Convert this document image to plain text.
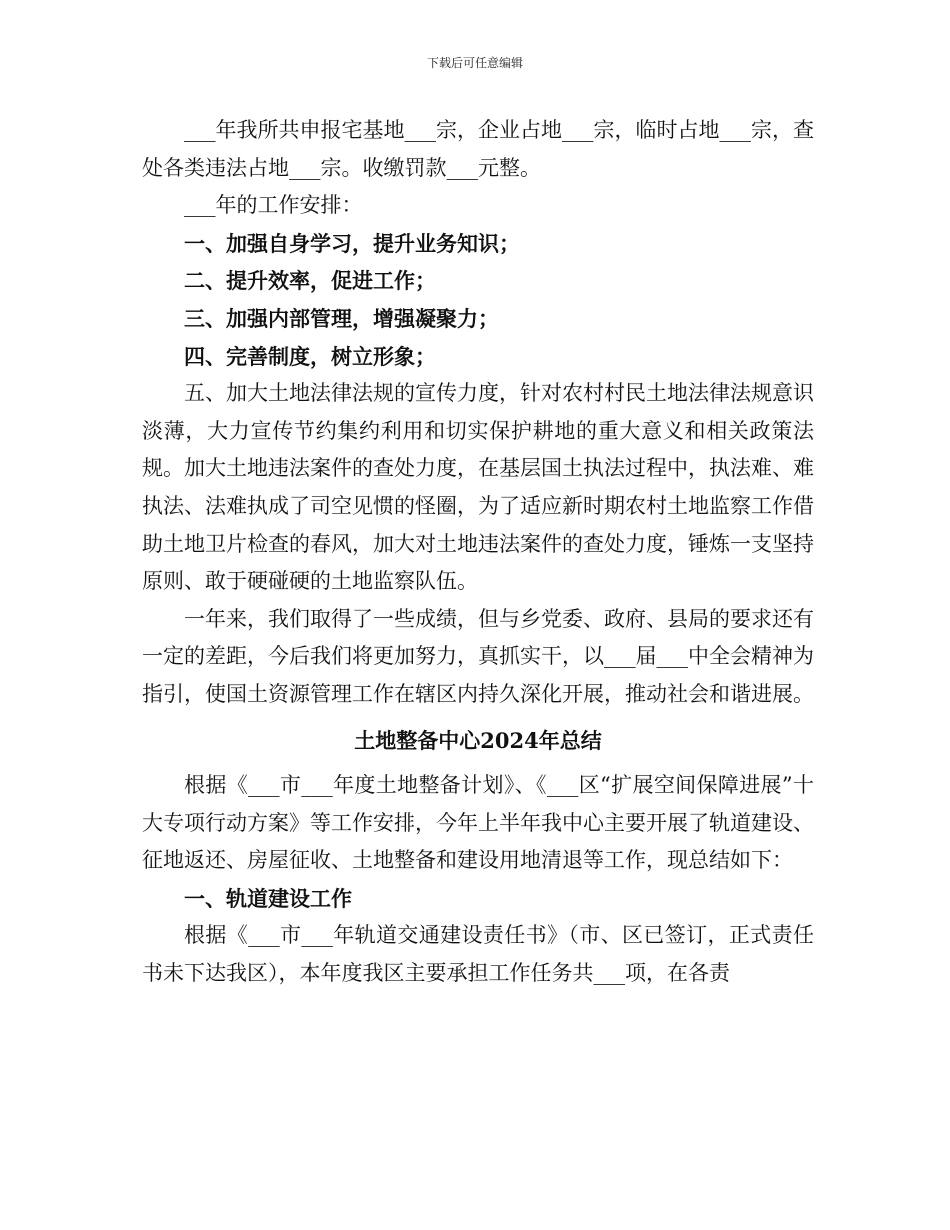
下载后可任意编辑

___年我所共申报宅基地___宗，企业占地___宗，临时占地___宗，查处各类违法占地___宗。收缴罚款___元整。

___年的工作安排：

一、加强自身学习，提升业务知识；

二、提升效率，促进工作；

三、加强内部管理，增强凝聚力；

四、完善制度，树立形象；

五、加大土地法律法规的宣传力度，针对农村村民土地法律法规意识淡薄，大力宣传节约集约利用和切实保护耕地的重大意义和相关政策法规。加大土地违法案件的查处力度，在基层国土执法过程中，执法难、难执法、法难执成了司空见惯的怪圈，为了适应新时期农村土地监察工作借助土地卫片检查的春风，加大对土地违法案件的查处力度，锤炼一支坚持原则、敢于硬碰硬的土地监察队伍。

一年来，我们取得了一些成绩，但与乡党委、政府、县局的要求还有一定的差距，今后我们将更加努力，真抓实干，以___届___中全会精神为指引，使国土资源管理工作在辖区内持久深化开展，推动社会和谐进展。

土地整备中心2024年总结

根据《___市___年度土地整备计划》、《___区“扩展空间保障进展”十大专项行动方案》等工作安排，今年上半年我中心主要开展了轨道建设、征地返还、房屋征收、土地整备和建设用地清退等工作，现总结如下：

一、轨道建设工作

根据《___市___年轨道交通建设责任书》（市、区已签订，正式责任书未下达我区），本年度我区主要承担工作任务共___项，在各责
